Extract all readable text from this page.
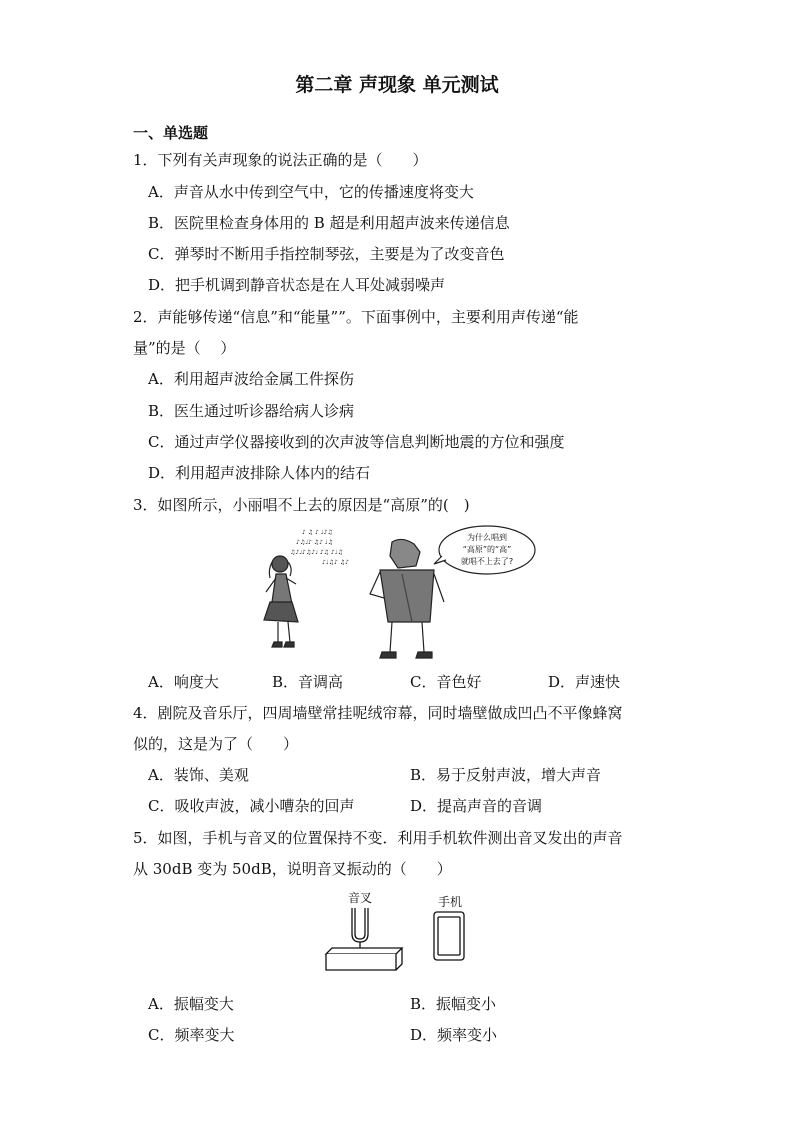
第二章 声现象 单元测试
一、单选题
1．下列有关声现象的说法正确的是（　　）
A．声音从水中传到空气中，它的传播速度将变大
B．医院里检查身体用的 B 超是利用超声波来传递信息
C．弹琴时不断用手指控制琴弦，主要是为了改变音色
D．把手机调到静音状态是在人耳处减弱噪声
2．声能够传递“信息”和“能量””。下面事例中，主要利用声传递“能
量”的是（　 ）
A．利用超声波给金属工件探伤
B．医生通过听诊器给病人诊病
C．通过声学仪器接收到的次声波等信息判断地震的方位和强度
D．利用超声波排除人体内的结石
3．如图所示，小丽唱不上去的原因是“高原”的(　)
♪ ♫ ♪ ♩♪♫
♪♫♩♪ ♫♪ ♩♫
♫♪♩♪♫♪♩ ♪♫ ♪♩♫
♪♩♫♪ ♫♪
为什么唱到
“高原”的“高”
就唱不上去了?
A．响度大	B．音调高	C．音色好	D．声速快
4．剧院及音乐厅，四周墙壁常挂呢绒帘幕，同时墙壁做成凹凸不平像蜂窝
似的，这是为了（　　）
A．装饰、美观	B．易于反射声波，增大声音
C．吸收声波，减小嘈杂的回声	D．提高声音的音调
5．如图，手机与音叉的位置保持不变．利用手机软件测出音叉发出的声音
从 30dB 变为 50dB，说明音叉振动的（　　）
音叉	手机
A．振幅变大	B．振幅变小
C．频率变大	D．频率变小
